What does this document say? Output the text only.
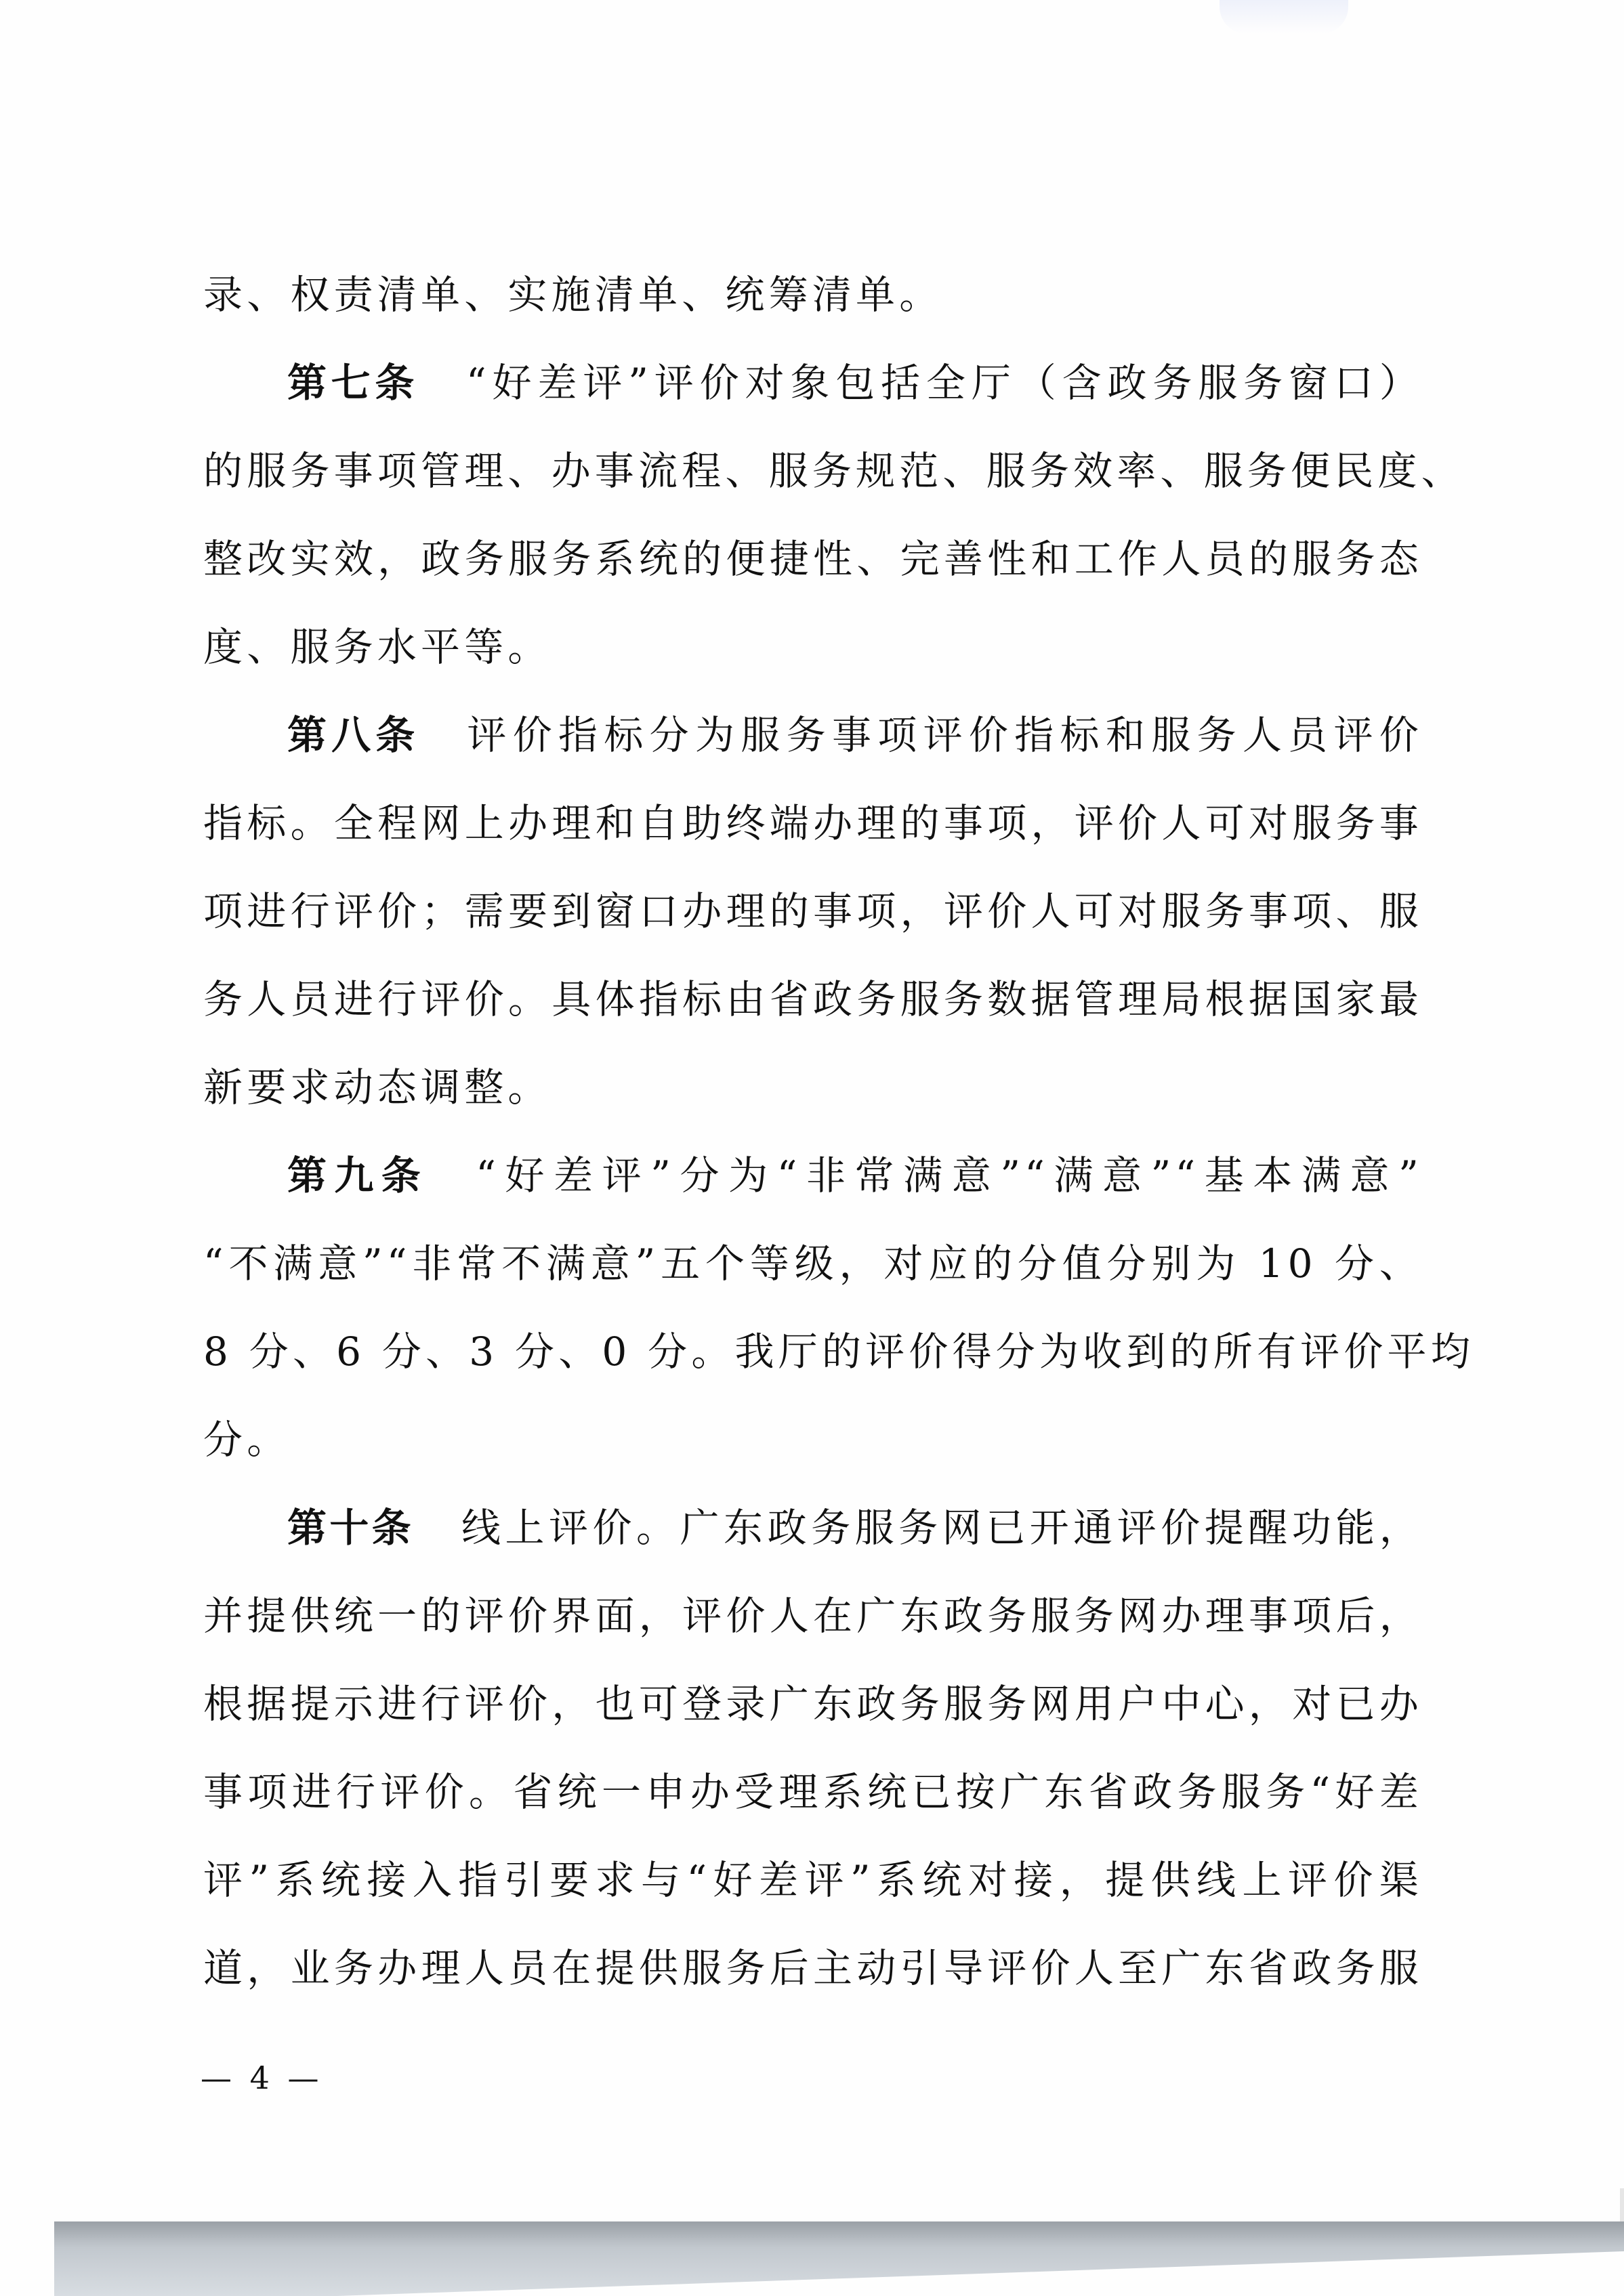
录、权责清单、实施清单、统筹清单。
第七条 “好差评”评价对象包括全厅（含政务服务窗口）
的服务事项管理、办事流程、服务规范、服务效率、服务便民度、
整改实效，政务服务系统的便捷性、完善性和工作人员的服务态
度、服务水平等。
第八条 评价指标分为服务事项评价指标和服务人员评价
指标。全程网上办理和自助终端办理的事项，评价人可对服务事
项进行评价；需要到窗口办理的事项，评价人可对服务事项、服
务人员进行评价。具体指标由省政务服务数据管理局根据国家最
新要求动态调整。
第九条 “好差评”分为“非常满意”“满意”“基本满意”
“不满意”“非常不满意”五个等级，对应的分值分别为 10 分、
8 分、6 分、3 分、0 分。我厅的评价得分为收到的所有评价平均
分。
第十条 线上评价。广东政务服务网已开通评价提醒功能，
并提供统一的评价界面，评价人在广东政务服务网办理事项后，
根据提示进行评价，也可登录广东政务服务网用户中心，对已办
事项进行评价。省统一申办受理系统已按广东省政务服务“好差
评”系统接入指引要求与“好差评”系统对接，提供线上评价渠
道，业务办理人员在提供服务后主动引导评价人至广东省政务服
— 4 —
